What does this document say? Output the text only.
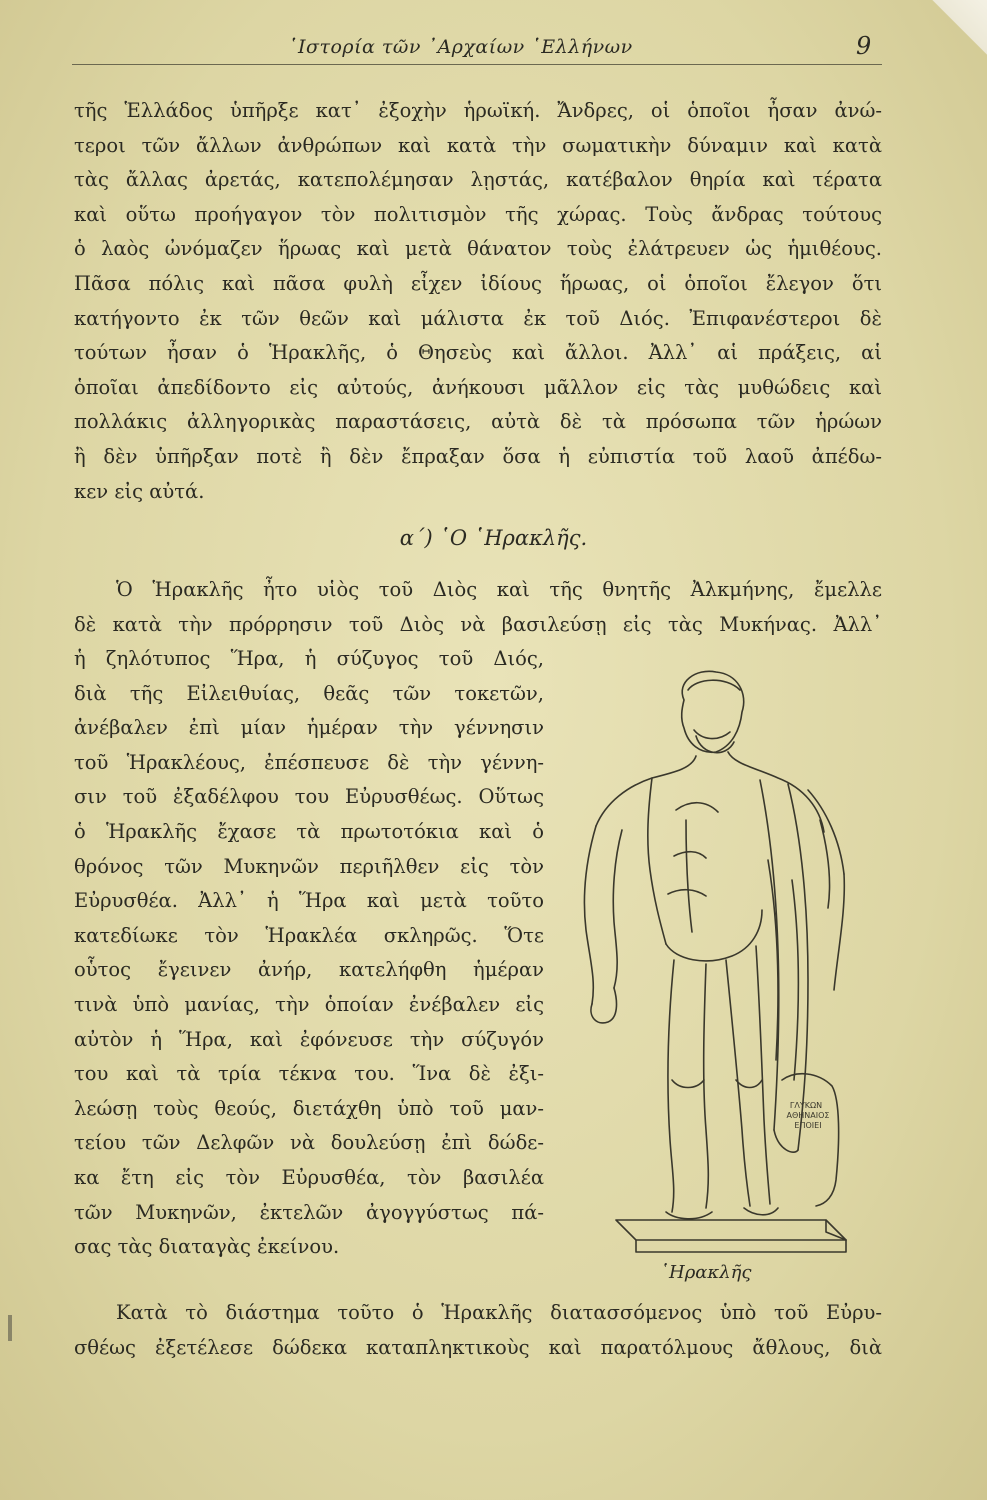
῾Ιστορία τῶν ᾿Αρχαίων ῾Ελλήνων	9
τῆς Ἑλλάδος ὑπῆρξε κατ᾿ ἐξοχὴν ἡρωϊκή. Ἄνδρες, οἱ ὁποῖοι ἦσαν ἀνώ-
τεροι τῶν ἄλλων ἀνθρώπων καὶ κατὰ τὴν σωματικὴν δύναμιν καὶ κατὰ
τὰς ἄλλας ἀρετάς, κατεπολέμησαν λῃστάς, κατέβαλον θηρία καὶ τέρατα
καὶ οὕτω προήγαγον τὸν πολιτισμὸν τῆς χώρας. Τοὺς ἄνδρας τούτους
ὁ λαὸς ὠνόμαζεν ἥρωας καὶ μετὰ θάνατον τοὺς ἐλάτρευεν ὡς ἡμιθέους.
Πᾶσα πόλις καὶ πᾶσα φυλὴ εἶχεν ἰδίους ἥρωας, οἱ ὁποῖοι ἔλεγον ὅτι
κατήγοντο ἐκ τῶν θεῶν καὶ μάλιστα ἐκ τοῦ Διός. Ἐπιφανέστεροι δὲ
τούτων ἦσαν ὁ Ἡρακλῆς, ὁ Θησεὺς καὶ ἄλλοι. Ἀλλ᾿ αἱ πράξεις, αἱ
ὁποῖαι ἀπεδίδοντο εἰς αὐτούς, ἀνήκουσι μᾶλλον εἰς τὰς μυθώδεις καὶ
πολλάκις ἀλληγορικὰς παραστάσεις, αὐτὰ δὲ τὰ πρόσωπα τῶν ἡρώων
ἢ δὲν ὑπῆρξαν ποτὲ ἢ δὲν ἔπραξαν ὅσα ἡ εὐπιστία τοῦ λαοῦ ἀπέδω-
κεν εἰς αὐτά.
α΄) ῾Ο ῾Ηρακλῆς.
Ὁ Ἡρακλῆς ἦτο υἱὸς τοῦ Διὸς καὶ τῆς θνητῆς Ἀλκμήνης, ἔμελλε
δὲ κατὰ τὴν πρόρρησιν τοῦ Διὸς νὰ βασιλεύσῃ εἰς τὰς Μυκήνας. Ἀλλ᾿
ἡ ζηλότυπος Ἥρα, ἡ σύζυγος τοῦ Διός,
διὰ τῆς Εἰλειθυίας, θεᾶς τῶν τοκετῶν,
ἀνέβαλεν ἐπὶ μίαν ἡμέραν τὴν γέννησιν
τοῦ Ἡρακλέους, ἐπέσπευσε δὲ τὴν γέννη-
σιν τοῦ ἐξαδέλφου του Εὐρυσθέως. Οὕτως
ὁ Ἡρακλῆς ἔχασε τὰ πρωτοτόκια καὶ ὁ
θρόνος τῶν Μυκηνῶν περιῆλθεν εἰς τὸν
Εὐρυσθέα. Ἀλλ᾿ ἡ Ἥρα καὶ μετὰ τοῦτο
κατεδίωκε τὸν Ἡρακλέα σκληρῶς. Ὅτε
οὗτος ἔγεινεν ἀνήρ, κατελήφθη ἡμέραν
τινὰ ὑπὸ μανίας, τὴν ὁποίαν ἐνέβαλεν εἰς
αὐτὸν ἡ Ἥρα, καὶ ἐφόνευσε τὴν σύζυγόν
του καὶ τὰ τρία τέκνα του. Ἵνα δὲ ἐξι-
λεώσῃ τοὺς θεούς, διετάχθη ὑπὸ τοῦ μαν-
τείου τῶν Δελφῶν νὰ δουλεύσῃ ἐπὶ δώδε-
κα ἔτη εἰς τὸν Εὐρυσθέα, τὸν βασιλέα
τῶν Μυκηνῶν, ἐκτελῶν ἀγογγύστως πά-
σας τὰς διαταγὰς ἐκείνου.
ΓΛΥΚΩΝ
ΑΘΗΝΑΙΟΣ
ΕΠΟΙΕΙ
῾Ηρακλῆς
Κατὰ τὸ διάστημα τοῦτο ὁ Ἡρακλῆς διατασσόμενος ὑπὸ τοῦ Εὐρυ-
σθέως ἐξετέλεσε δώδεκα καταπληκτικοὺς καὶ παρατόλμους ἄθλους, διὰ
